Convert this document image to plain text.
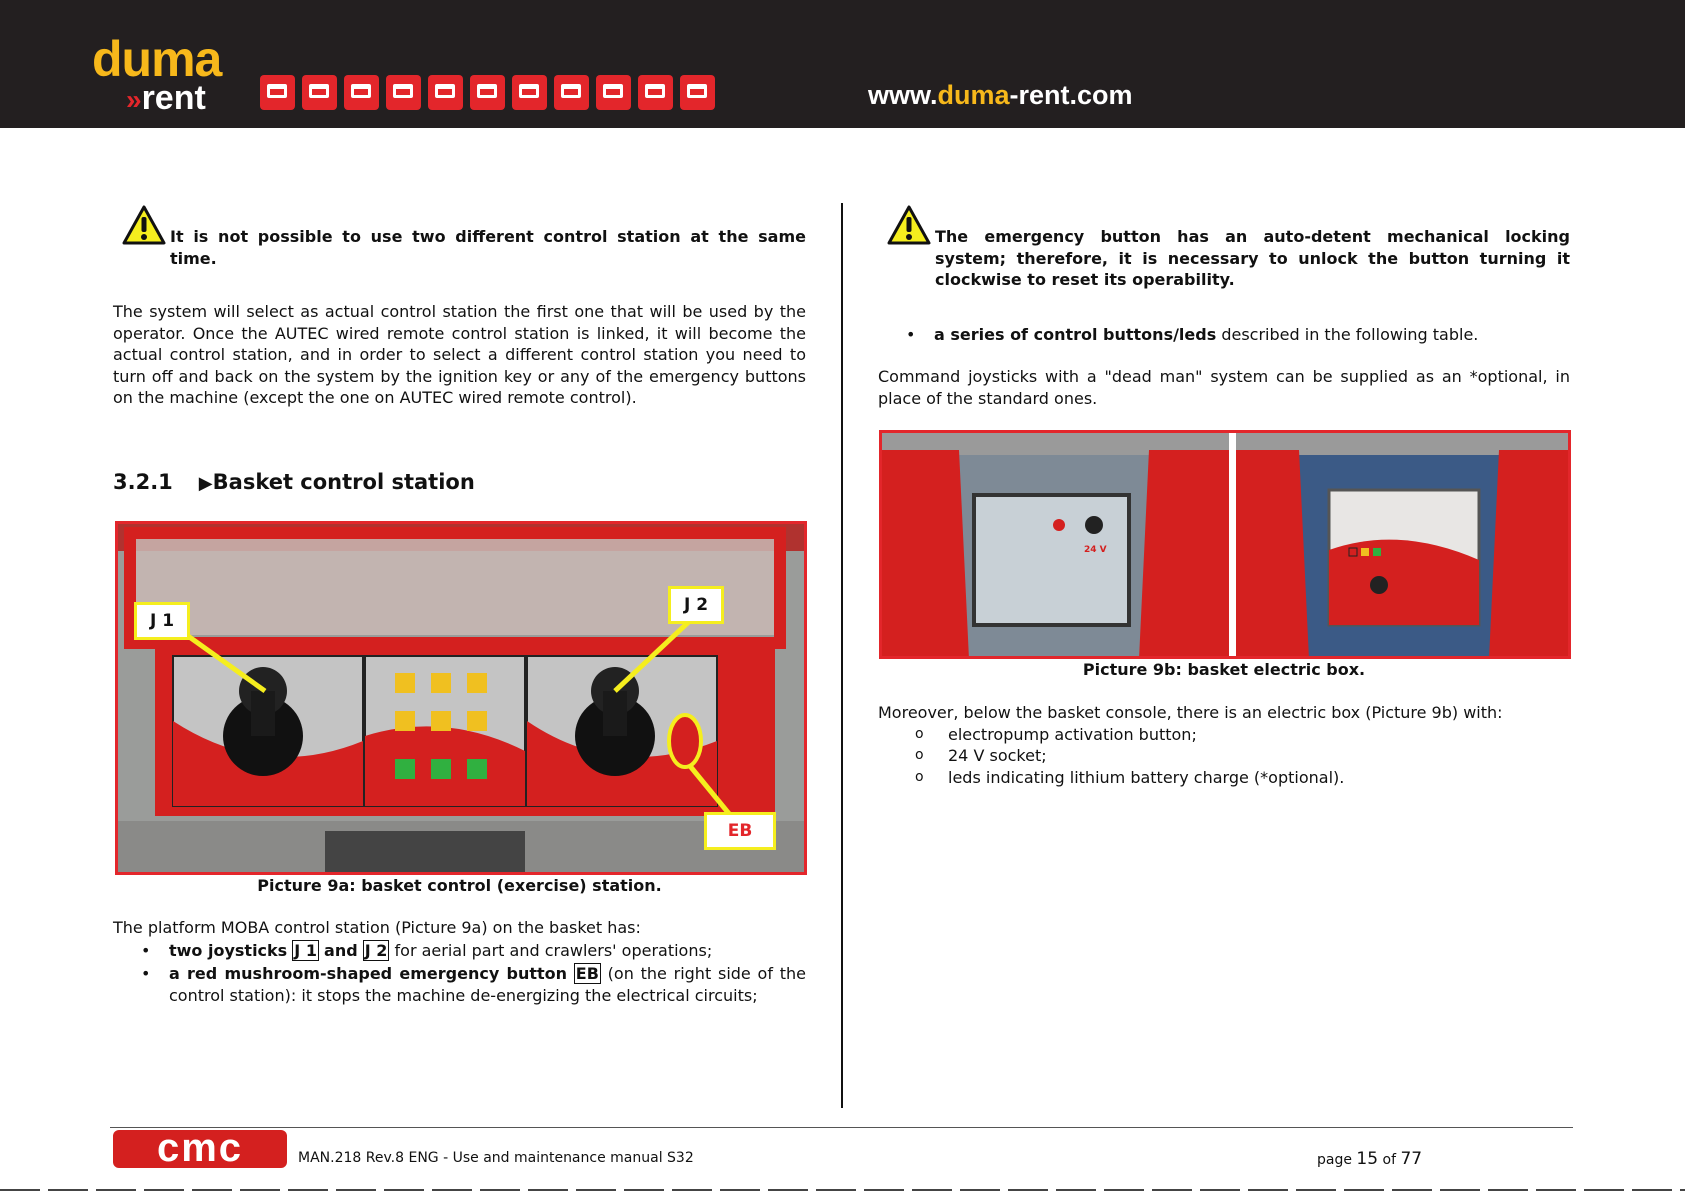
duma
»rent	www.duma-rent.com

It is not possible to use two different control station at the same time.

The system will select as actual control station the first one that will be used by the operator. Once the AUTEC wired remote control station is linked, it will become the actual control station, and in order to select a different control station you need to turn off and back on the system by the ignition key or any of the emergency buttons on the machine (except the one on AUTEC wired remote control).

3.2.1 ▶Basket control station
J 1
J 2
EB
Picture 9a: basket control (exercise) station.

The platform MOBA control station (Picture 9a) on the basket has:

• two joysticks J 1 and J 2 for aerial part and crawlers' operations;
• a red mushroom-shaped emergency button EB (on the right side of the control station): it stops the machine de-energizing the electrical circuits;

The emergency button has an auto-detent mechanical locking system; therefore, it is necessary to unlock the button turning it clockwise to reset its operability.

• a series of control buttons/leds described in the following table.

Command joysticks with a "dead man" system can be supplied as an *optional, in place of the standard ones.

24 V
Picture 9b: basket electric box.

Moreover, below the basket console, there is an electric box (Picture 9b) with:

o electropump activation button;
o 24 V socket;
o leds indicating lithium battery charge (*optional).
cmc	MAN.218 Rev.8 ENG - Use and maintenance manual S32	page 15 of 77
